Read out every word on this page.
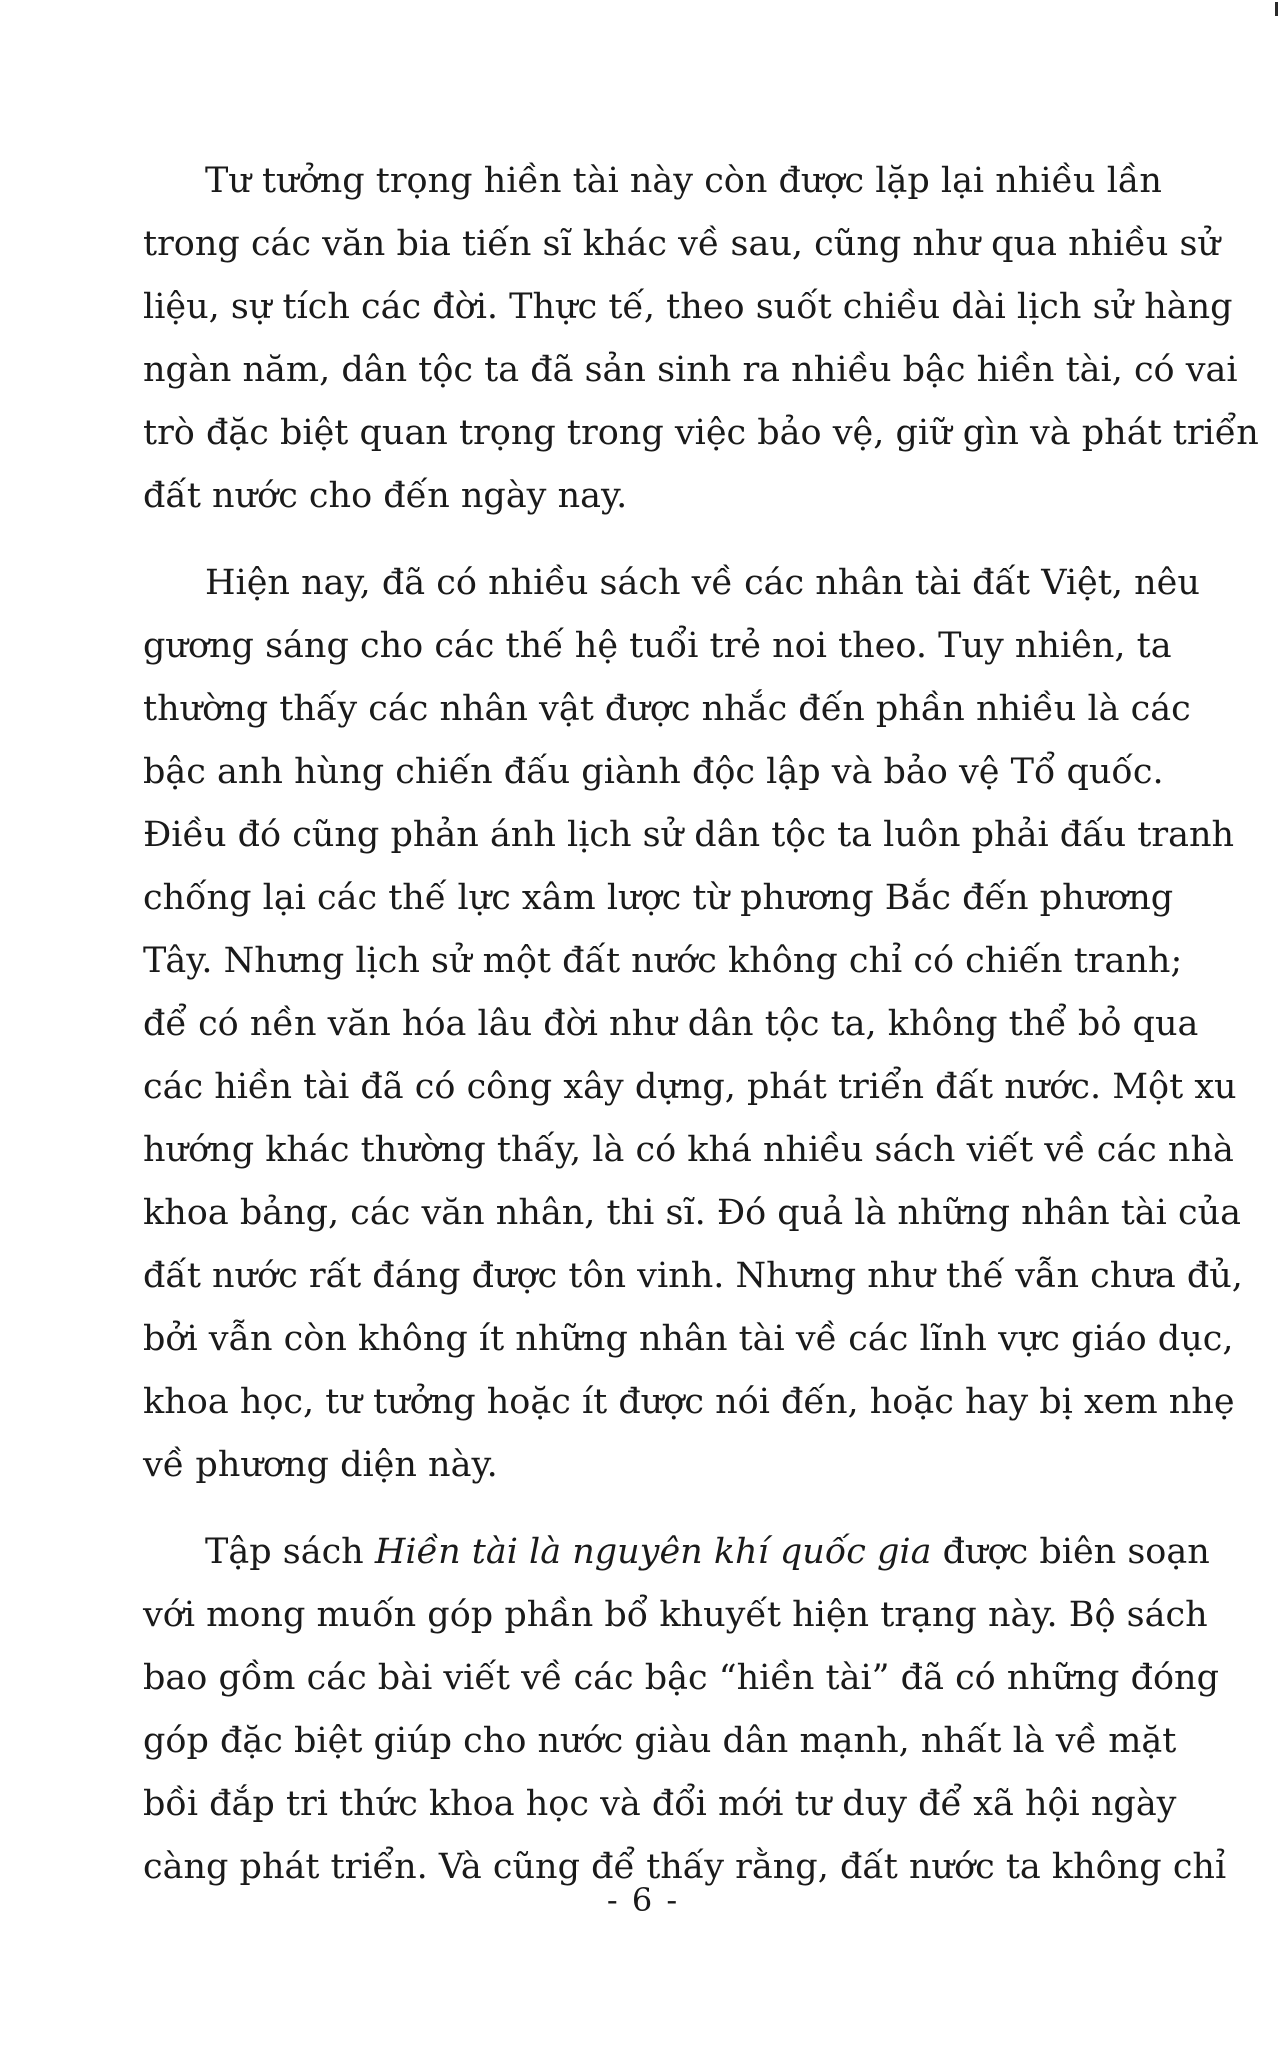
Tư tưởng trọng hiền tài này còn được lặp lại nhiều lần
trong các văn bia tiến sĩ khác về sau, cũng như qua nhiều sử
liệu, sự tích các đời. Thực tế, theo suốt chiều dài lịch sử hàng
ngàn năm, dân tộc ta đã sản sinh ra nhiều bậc hiền tài, có vai
trò đặc biệt quan trọng trong việc bảo vệ, giữ gìn và phát triển
đất nước cho đến ngày nay.

Hiện nay, đã có nhiều sách về các nhân tài đất Việt, nêu
gương sáng cho các thế hệ tuổi trẻ noi theo. Tuy nhiên, ta
thường thấy các nhân vật được nhắc đến phần nhiều là các
bậc anh hùng chiến đấu giành độc lập và bảo vệ Tổ quốc.
Điều đó cũng phản ánh lịch sử dân tộc ta luôn phải đấu tranh
chống lại các thế lực xâm lược từ phương Bắc đến phương
Tây. Nhưng lịch sử một đất nước không chỉ có chiến tranh;
để có nền văn hóa lâu đời như dân tộc ta, không thể bỏ qua
các hiền tài đã có công xây dựng, phát triển đất nước. Một xu
hướng khác thường thấy, là có khá nhiều sách viết về các nhà
khoa bảng, các văn nhân, thi sĩ. Đó quả là những nhân tài của
đất nước rất đáng được tôn vinh. Nhưng như thế vẫn chưa đủ,
bởi vẫn còn không ít những nhân tài về các lĩnh vực giáo dục,
khoa học, tư tưởng hoặc ít được nói đến, hoặc hay bị xem nhẹ
về phương diện này.

Tập sách Hiền tài là nguyên khí quốc gia được biên soạn
với mong muốn góp phần bổ khuyết hiện trạng này. Bộ sách
bao gồm các bài viết về các bậc “hiền tài” đã có những đóng
góp đặc biệt giúp cho nước giàu dân mạnh, nhất là về mặt
bồi đắp tri thức khoa học và đổi mới tư duy để xã hội ngày
càng phát triển. Và cũng để thấy rằng, đất nước ta không chỉ

- 6 -
